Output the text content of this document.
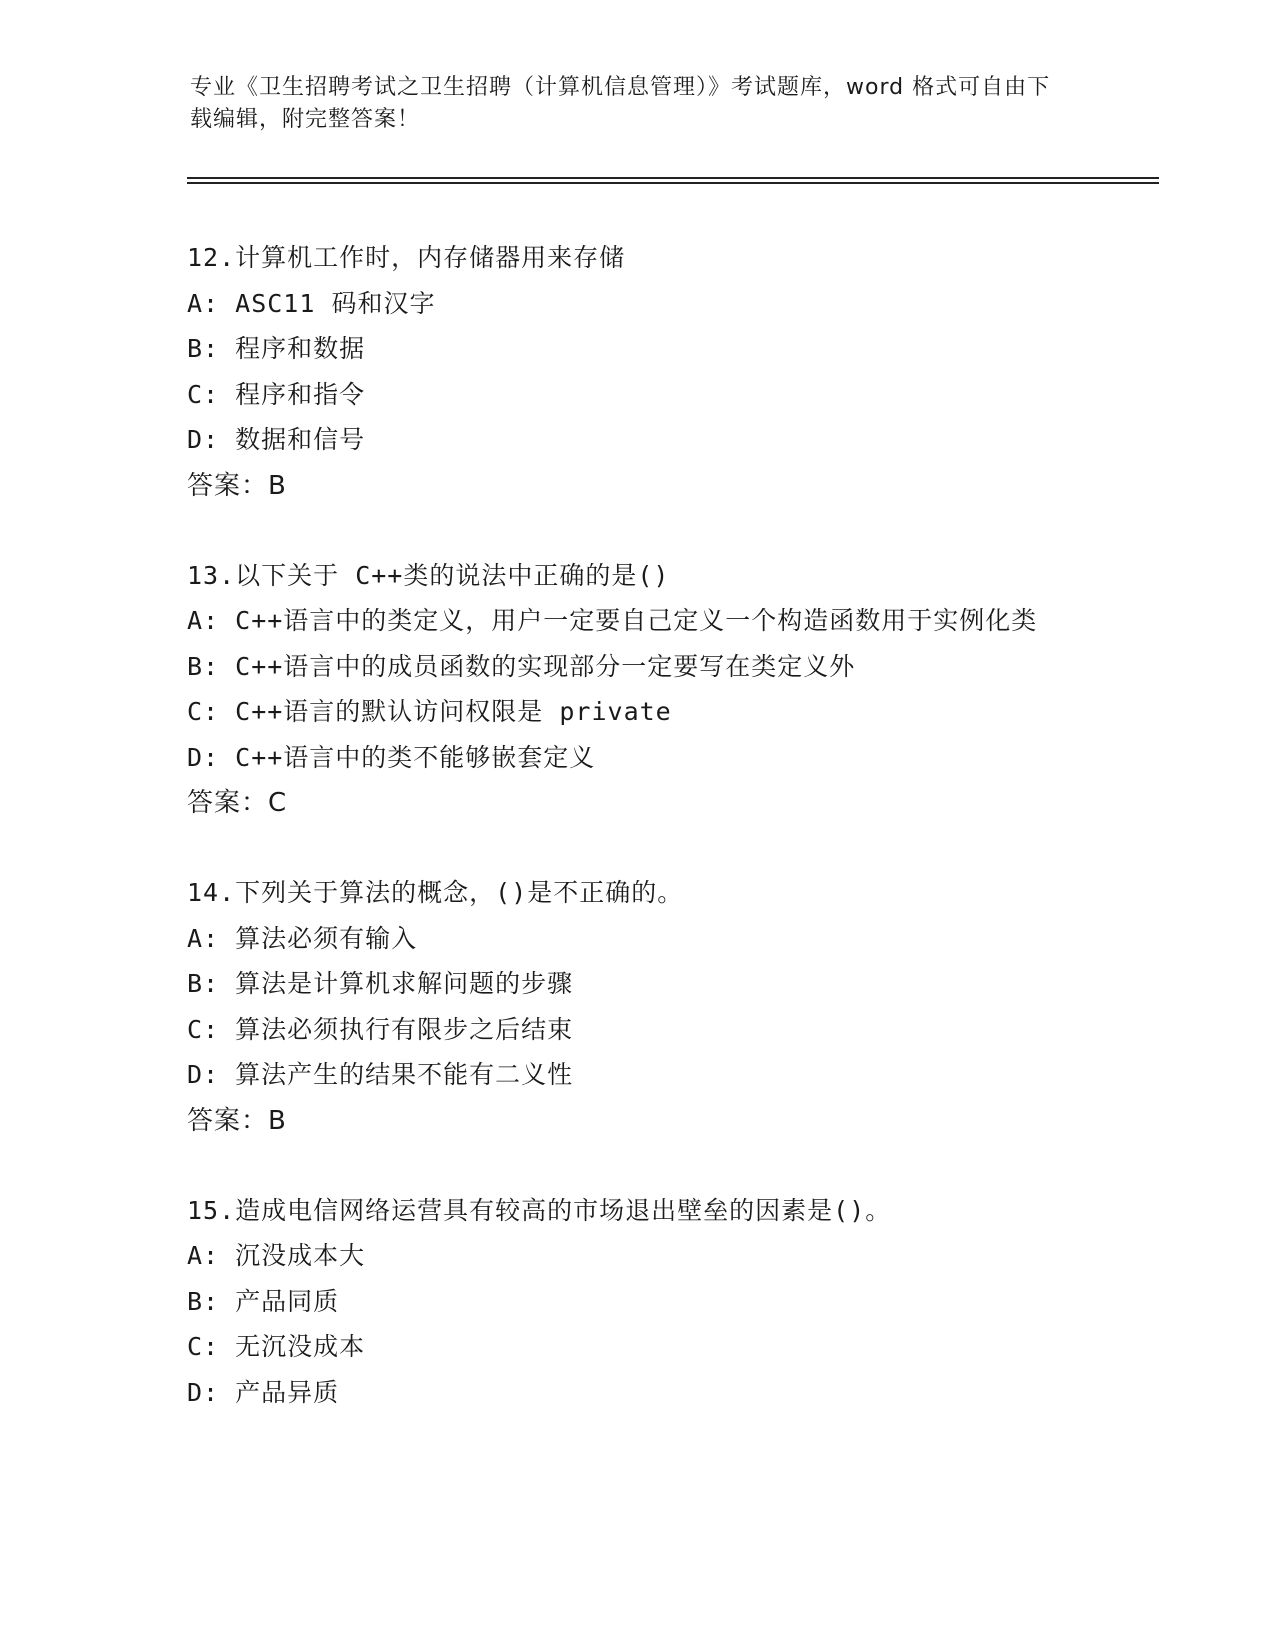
专业《卫生招聘考试之卫生招聘（计算机信息管理）》考试题库，word 格式可自由下载编辑，附完整答案！
12.计算机工作时，内存储器用来存储
A: ASC11 码和汉字
B: 程序和数据
C: 程序和指令
D: 数据和信号
答案：B
13.以下关于 C++类的说法中正确的是()
A: C++语言中的类定义，用户一定要自己定义一个构造函数用于实例化类
B: C++语言中的成员函数的实现部分一定要写在类定义外
C: C++语言的默认访问权限是 private
D: C++语言中的类不能够嵌套定义
答案：C
14.下列关于算法的概念，()是不正确的。
A: 算法必须有输入
B: 算法是计算机求解问题的步骤
C: 算法必须执行有限步之后结束
D: 算法产生的结果不能有二义性
答案：B
15.造成电信网络运营具有较高的市场退出壁垒的因素是()。
A: 沉没成本大
B: 产品同质
C: 无沉没成本
D: 产品异质
